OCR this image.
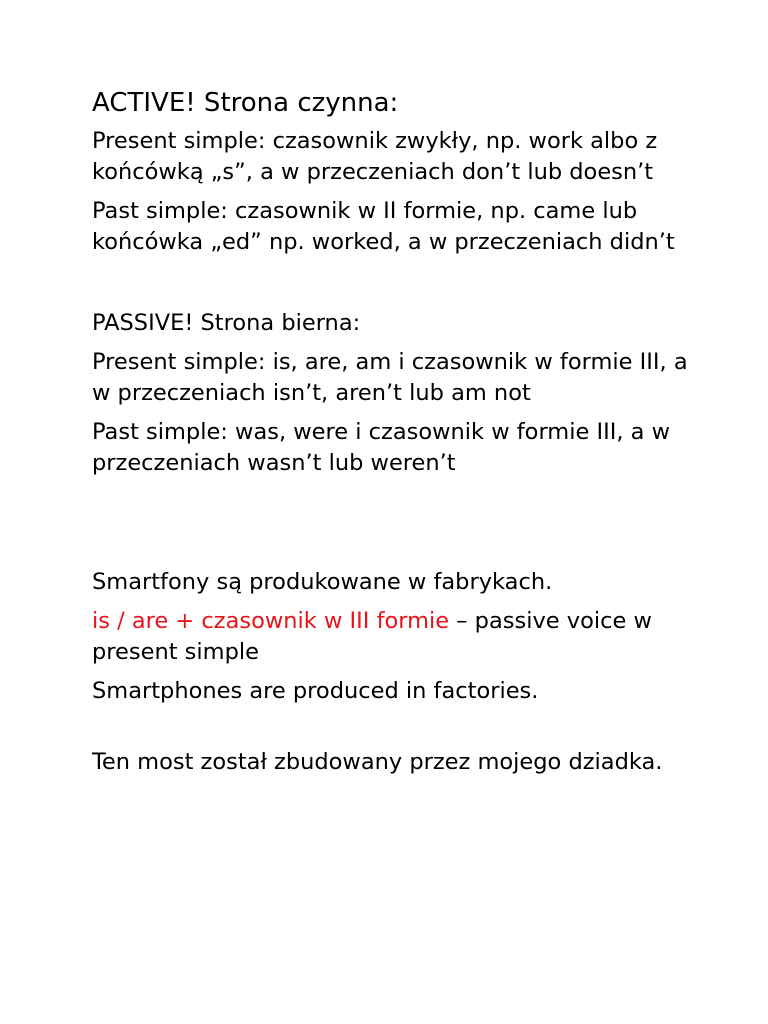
ACTIVE! Strona czynna:

Present simple: czasownik zwykły, np. work albo z końcówką „s”, a w przeczeniach don’t lub doesn’t

Past simple: czasownik w II formie, np. came lub końcówka „ed” np. worked, a w przeczeniach didn’t

PASSIVE! Strona bierna:

Present simple: is, are, am i czasownik w formie III, a w przeczeniach isn’t, aren’t lub am not

Past simple: was, were i czasownik w formie III, a w przeczeniach wasn’t lub weren’t

Smartfony są produkowane w fabrykach.

is / are + czasownik w III formie – passive voice w present simple

Smartphones are produced in factories.

Ten most został zbudowany przez mojego dziadka.
